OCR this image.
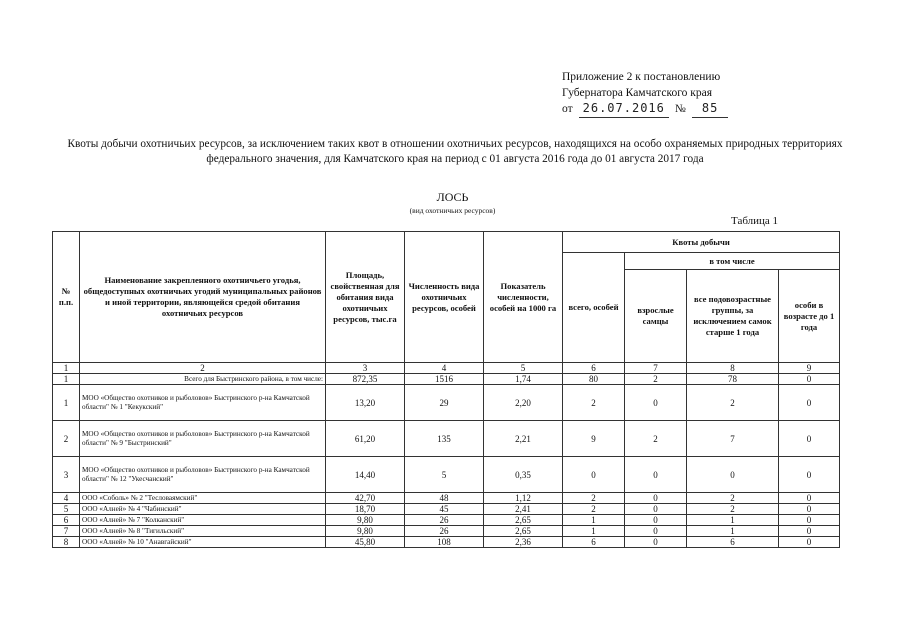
Приложение 2 к постановлению
Губернатора Камчатского края
от 26.07.2016 №	85
Квоты добычи охотничьих ресурсов, за исключением таких квот в отношении охотничьих ресурсов, находящихся на особо охраняемых природных территориях федерального значения, для Камчатского края на период с 01 августа 2016 года до 01 августа 2017 года
ЛОСЬ
(вид охотничьих ресурсов)
Таблица 1
№ п.п.	Наименование закрепленного охотничьего угодья, общедоступных охотничьих угодий муниципальных районов и иной территории, являющейся средой обитания охотничьих ресурсов	Площадь, свойственная для обитания вида охотничьих ресурсов, тыс.га	Численность вида охотничьих ресурсов, особей	Показатель численности, особей на 1000 га	Квоты добычи			
					всего, особей	в том числе		
						взрослые самцы	все подовозрастные группы, за исключением самок старше 1 года	особи в возрасте до 1 года
1	2	3	4	5	6	7	8	9
1	Всего для Быстринского района, в том числе:	872,35	1516	1,74	80	2	78	0
1	МОО «Общество охотников и рыболовов» Быстринского р-на Камчатской области" № 1 "Кекукский"	13,20	29	2,20	2	0	2	0
2	МОО «Общество охотников и рыболовов» Быстринского р-на Камчатской области" № 9 "Быстринский"	61,20	135	2,21	9	2	7	0
3	МОО «Общество охотников и рыболовов» Быстринского р-на Камчатской области" № 12 "Укесчанский"	14,40	5	0,35	0	0	0	0
4	ООО «Соболь» № 2 "Тесловаямский"	42,70	48	1,12	2	0	2	0
5	ООО «Алней» № 4 "Чабинский"	18,70	45	2,41	2	0	2	0
6	ООО «Алней» № 7 "Колканский"	9,80	26	2,65	1	0	1	0
7	ООО «Алней» № 8 "Тигильский"	9,80	26	2,65	1	0	1	0
8	ООО «Алней» № 10 "Анавгайский"	45,80	108	2,36	6	0	6	0
